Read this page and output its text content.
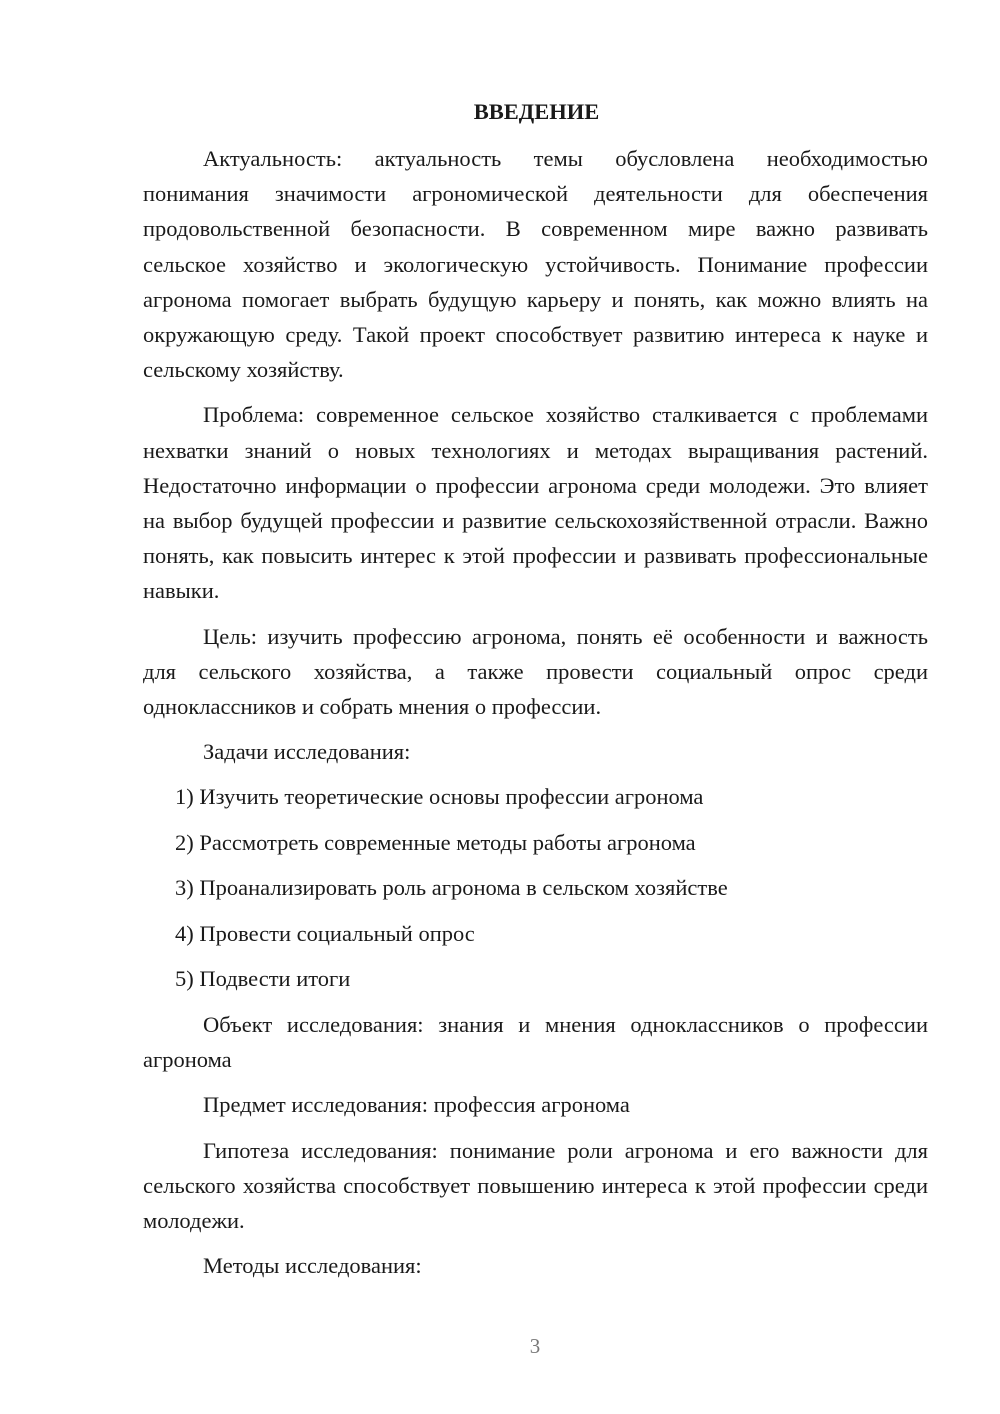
ВВЕДЕНИЕ

Актуальность: актуальность темы обусловлена необходимостью понимания значимости агрономической деятельности для обеспечения продовольственной безопасности. В современном мире важно развивать сельское хозяйство и экологическую устойчивость. Понимание профессии агронома помогает выбрать будущую карьеру и понять, как можно влиять на окружающую среду. Такой проект способствует развитию интереса к науке и сельскому хозяйству.

Проблема: современное сельское хозяйство сталкивается с проблемами нехватки знаний о новых технологиях и методах выращивания растений. Недостаточно информации о профессии агронома среди молодежи. Это влияет на выбор будущей профессии и развитие сельскохозяйственной отрасли. Важно понять, как повысить интерес к этой профессии и развивать профессиональные навыки.

Цель: изучить профессию агронома, понять её особенности и важность для сельского хозяйства, а также провести социальный опрос среди одноклассников и собрать мнения о профессии.

Задачи исследования:
1) Изучить теоретические основы профессии агронома
2) Рассмотреть современные методы работы агронома
3) Проанализировать роль агронома в сельском хозяйстве
4) Провести социальный опрос
5) Подвести итоги

Объект исследования: знания и мнения одноклассников о профессии агронома

Предмет исследования: профессия агронома

Гипотеза исследования: понимание роли агронома и его важности для сельского хозяйства способствует повышению интереса к этой профессии среди молодежи.

Методы исследования:

3
